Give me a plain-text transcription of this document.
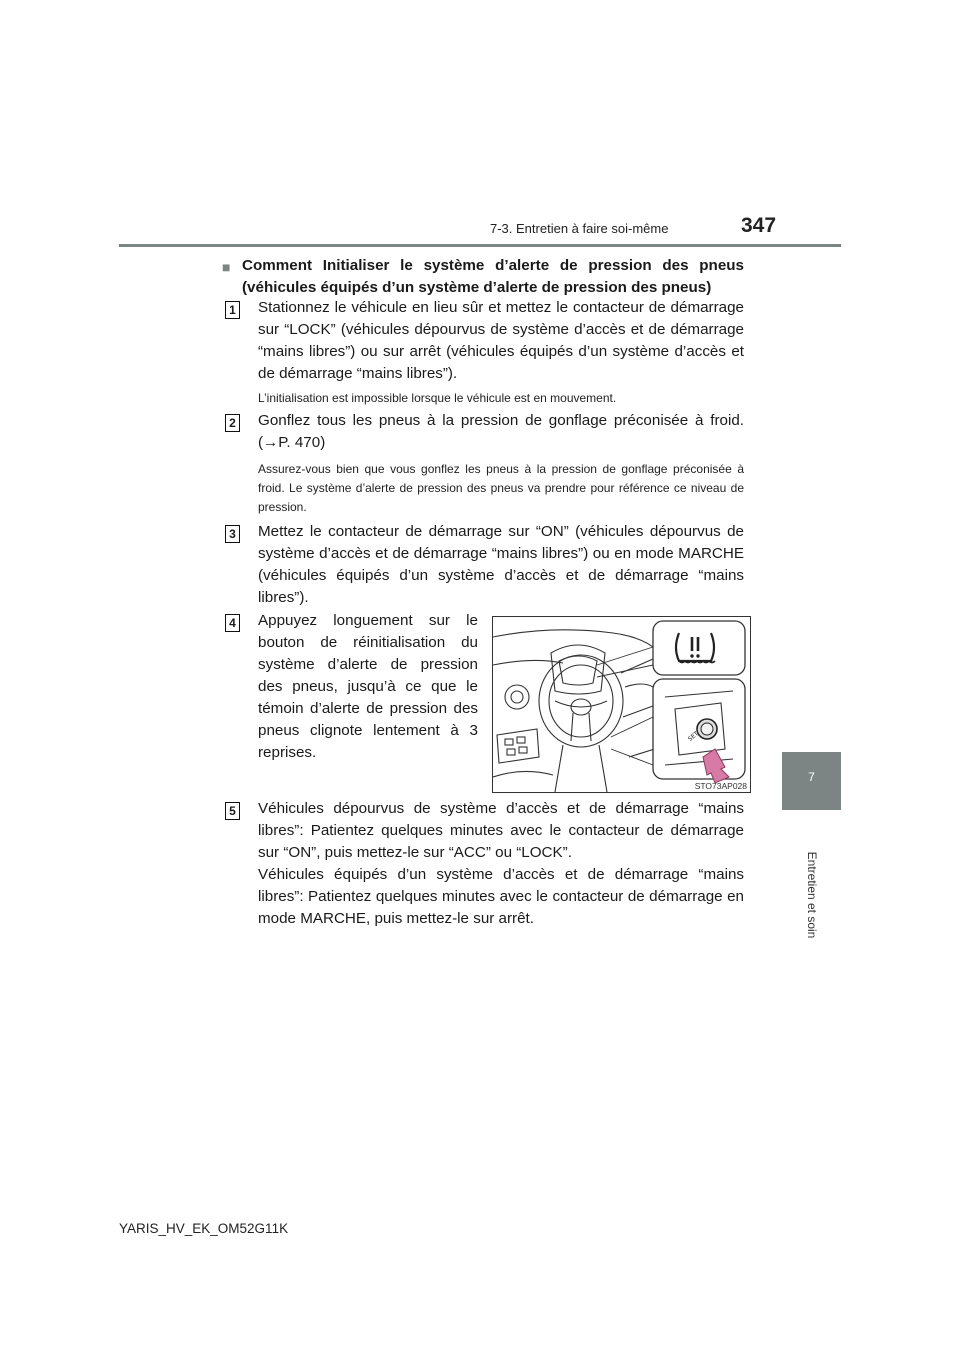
7-3. Entretien à faire soi-même	347
7
Entretien et soin
■ Comment Initialiser le système d’alerte de pression des pneus
(véhicules équipés d’un système d’alerte de pression des pneus)
1 Stationnez le véhicule en lieu sûr et mettez le contacteur de démarrage sur “LOCK” (véhicules dépourvus de système d’accès et de démarrage “mains libres”) ou sur arrêt (véhicules équipés d’un système d’accès et de démarrage “mains libres”).
L’initialisation est impossible lorsque le véhicule est en mouvement.
2 Gonflez tous les pneus à la pression de gonflage préconisée à froid. (→P. 470)
Assurez-vous bien que vous gonflez les pneus à la pression de gonflage préconisée à froid. Le système d’alerte de pression des pneus va prendre pour référence ce niveau de pression.
3 Mettez le contacteur de démarrage sur “ON” (véhicules dépourvus de système d’accès et de démarrage “mains libres”) ou en mode MARCHE (véhicules équipés d’un système d’accès et de démarrage “mains libres”).
4 Appuyez longuement sur le bouton de réinitialisation du système d’alerte de pression des pneus, jusqu’à ce que le témoin d’alerte de pression des pneus clignote lentement à 3 reprises.
SET
STO73AP028
5 Véhicules dépourvus de système d’accès et de démarrage “mains libres”: Patientez quelques minutes avec le contacteur de démarrage sur “ON”, puis mettez-le sur “ACC” ou “LOCK”.
Véhicules équipés d’un système d’accès et de démarrage “mains libres”: Patientez quelques minutes avec le contacteur de démarrage en mode MARCHE, puis mettez-le sur arrêt.
YARIS_HV_EK_OM52G11K
